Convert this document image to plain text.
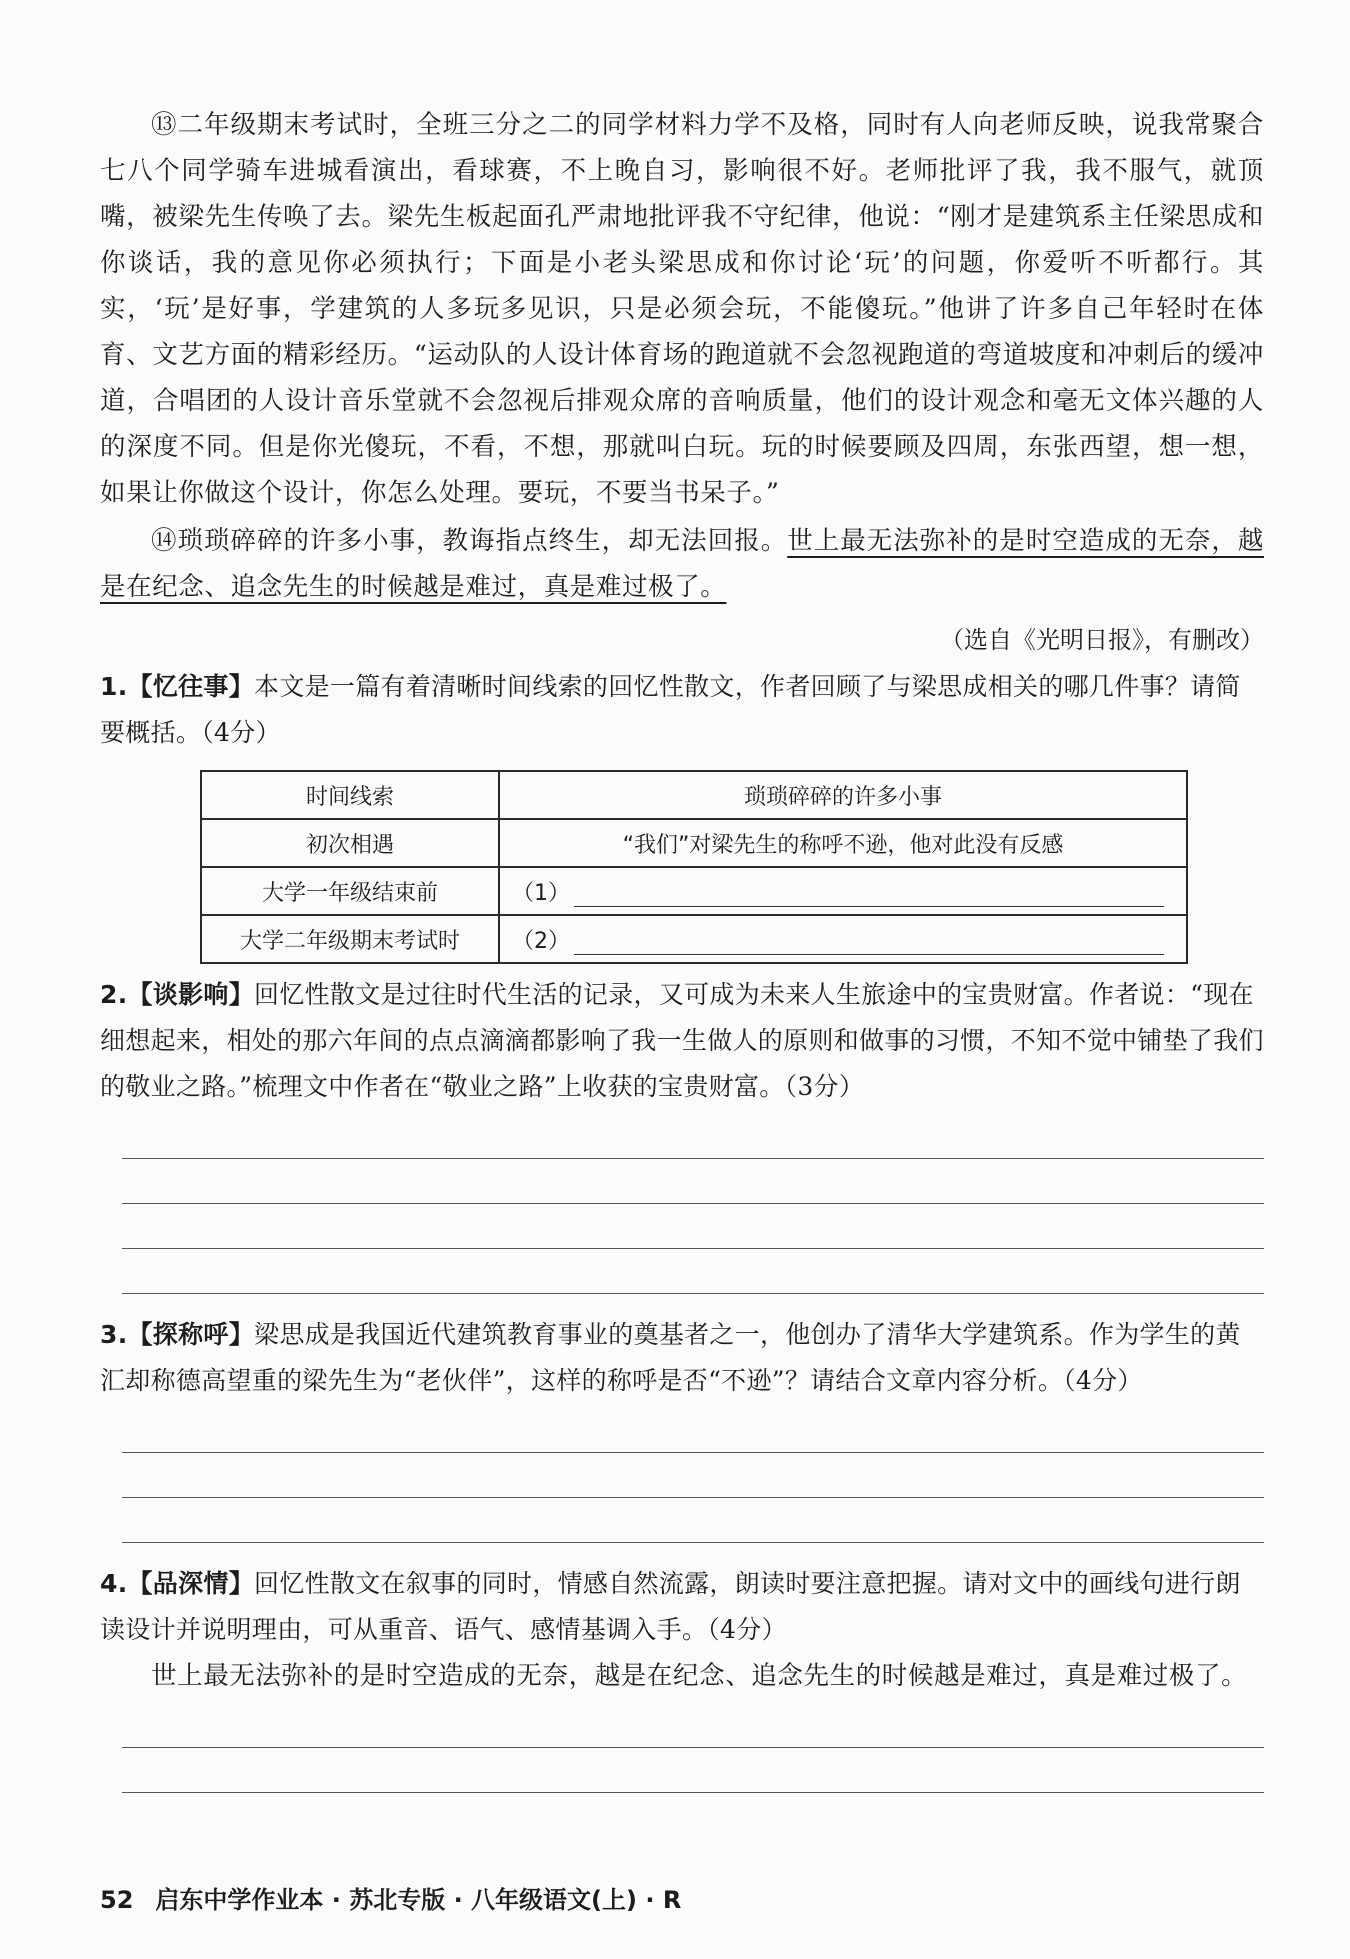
⑬二年级期末考试时，全班三分之二的同学材料力学不及格，同时有人向老师反映，说我常聚合七八个同学骑车进城看演出，看球赛，不上晚自习，影响很不好。老师批评了我，我不服气，就顶嘴，被梁先生传唤了去。梁先生板起面孔严肃地批评我不守纪律，他说：“刚才是建筑系主任梁思成和你谈话，我的意见你必须执行；下面是小老头梁思成和你讨论‘玩’的问题，你爱听不听都行。其实，‘玩’是好事，学建筑的人多玩多见识，只是必须会玩，不能傻玩。”他讲了许多自己年轻时在体育、文艺方面的精彩经历。“运动队的人设计体育场的跑道就不会忽视跑道的弯道坡度和冲刺后的缓冲道，合唱团的人设计音乐堂就不会忽视后排观众席的音响质量，他们的设计观念和毫无文体兴趣的人的深度不同。但是你光傻玩，不看，不想，那就叫白玩。玩的时候要顾及四周，东张西望，想一想，如果让你做这个设计，你怎么处理。要玩，不要当书呆子。”

⑭琐琐碎碎的许多小事，教诲指点终生，却无法回报。世上最无法弥补的是时空造成的无奈，越是在纪念、追念先生的时候越是难过，真是难过极了。

（选自《光明日报》，有删改）

1.【忆往事】本文是一篇有着清晰时间线索的回忆性散文，作者回顾了与梁思成相关的哪几件事？请简要概括。（4分）

时间线索	琐琐碎碎的许多小事
初次相遇	“我们”对梁先生的称呼不逊，他对此没有反感
大学一年级结束前	（1）
大学二年级期末考试时	（2）

2.【谈影响】回忆性散文是过往时代生活的记录，又可成为未来人生旅途中的宝贵财富。作者说：“现在细想起来，相处的那六年间的点点滴滴都影响了我一生做人的原则和做事的习惯，不知不觉中铺垫了我们的敬业之路。”梳理文中作者在“敬业之路”上收获的宝贵财富。（3分）

3.【探称呼】梁思成是我国近代建筑教育事业的奠基者之一，他创办了清华大学建筑系。作为学生的黄汇却称德高望重的梁先生为“老伙伴”，这样的称呼是否“不逊”？请结合文章内容分析。（4分）

4.【品深情】回忆性散文在叙事的同时，情感自然流露，朗读时要注意把握。请对文中的画线句进行朗读设计并说明理由，可从重音、语气、感情基调入手。（4分）

世上最无法弥补的是时空造成的无奈，越是在纪念、追念先生的时候越是难过，真是难过极了。

52 启东中学作业本 · 苏北专版 · 八年级语文(上) · R
